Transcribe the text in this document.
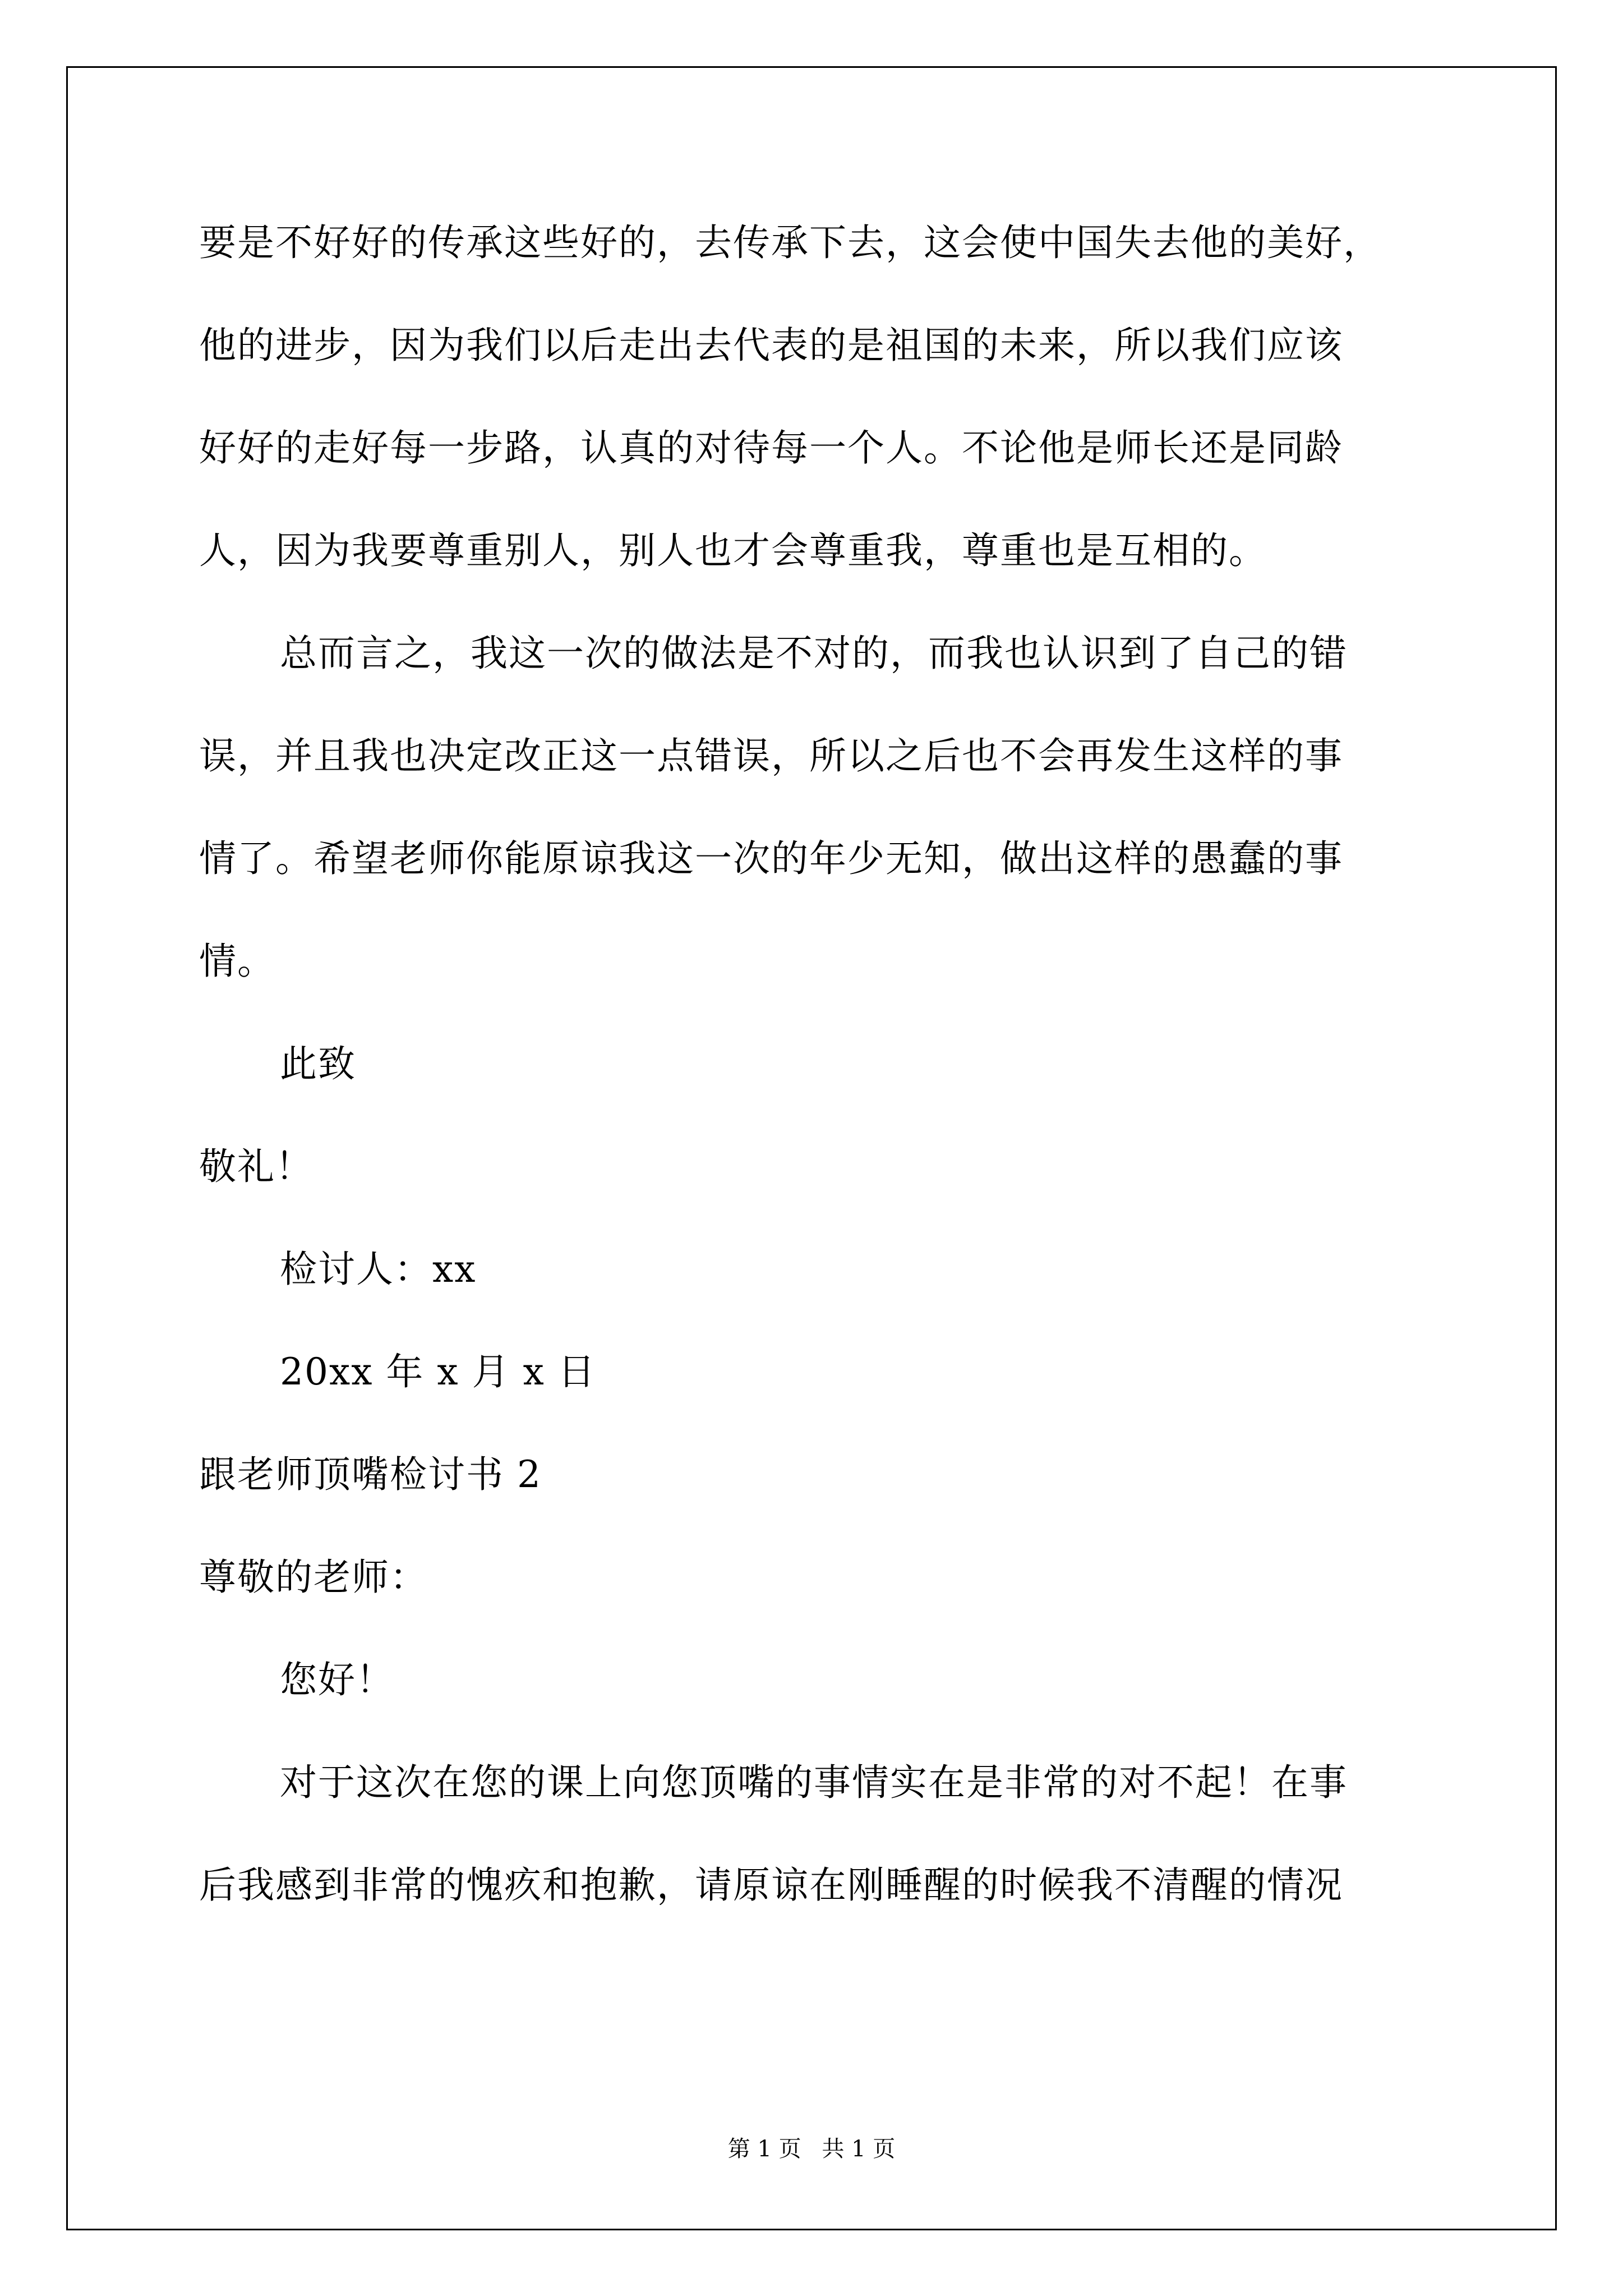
要是不好好的传承这些好的，去传承下去，这会使中国失去他的美好，
他的进步，因为我们以后走出去代表的是祖国的未来，所以我们应该
好好的走好每一步路，认真的对待每一个人。不论他是师长还是同龄
人，因为我要尊重别人，别人也才会尊重我，尊重也是互相的。
总而言之，我这一次的做法是不对的，而我也认识到了自己的错
误，并且我也决定改正这一点错误，所以之后也不会再发生这样的事
情了。希望老师你能原谅我这一次的年少无知，做出这样的愚蠢的事
情。
此致
敬礼！
检讨人：xx
20xx 年 x 月 x 日
跟老师顶嘴检讨书 2
尊敬的老师：
您好！
对于这次在您的课上向您顶嘴的事情实在是非常的对不起！在事
后我感到非常的愧疚和抱歉，请原谅在刚睡醒的时候我不清醒的情况
第 1 页 共 1 页
